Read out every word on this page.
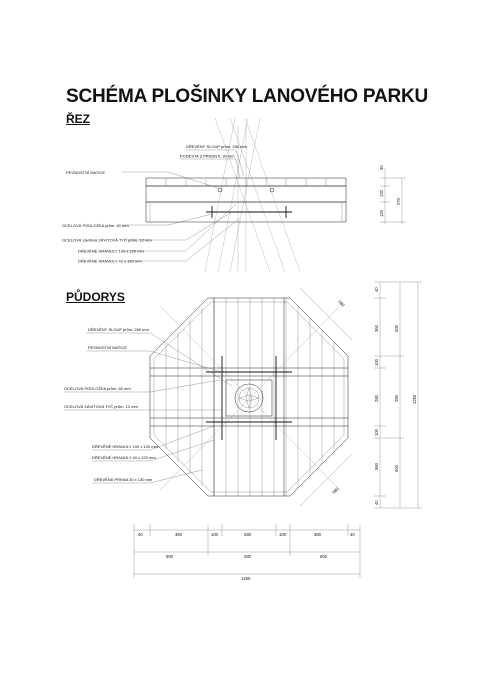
SCHÉMA PLOŠINKY LANOVÉHO PARKU
ŘEZ
PŮDORYS
DŘEVĚNÝ SLOUP prům. 280 mm
PODESTA Z PRKEN tl. 30 mm
PEVNOSTNÍ MATICE
OCELOVÁ PODLOŽKA prům. 60 mm
OCELOVÁ závitová ZÁVITOVÁ TYČ prům. 12 mm
DŘEVĚNÉ HRANOLY 100 x 120 mm
DŘEVĚNÉ HRANOLY 40 x 120 mm
30
120
120
270
DŘEVĚNÝ SLOUP prům. 280 mm
PEVNOSTNÍ MATICE
OCELOVÁ PODLOŽKA prům. 60 mm
OCELOVÁ ZÁVITOVÁ TYČ prům. 12 mm
DŘEVĚNÉ HRANOLY 100 x 120 mm
DŘEVĚNÉ HRANOLY 40 x 120 mm
DŘEVĚNÁ PRKNA 30 x 130 mm
580
580
40	360	100	280	100	360	40
500	280	500
1250
40
360
100
280
100
360
40
500
280
500
1250
